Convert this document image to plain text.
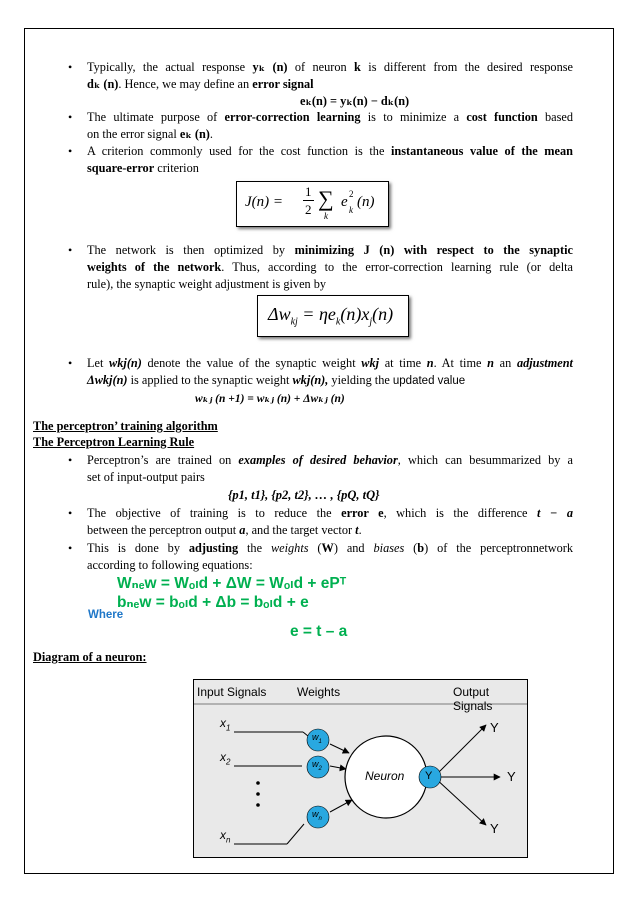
• Typically, the actual response yₖ (n) of neuron k is different from the desired response
dₖ (n). Hence, we may define an error signal
eₖ(n) = yₖ(n) − dₖ(n)
• The ultimate purpose of error-correction learning is to minimize a cost function based
on the error signal eₖ (n).
• A criterion commonly used for the cost function is the instantaneous value of the mean
square-error criterion
J(n) =
1
2 ∑
k
e 2
k (n)
• The network is then optimized by minimizing J (n) with respect to the synaptic
weights of the network. Thus, according to the error-correction learning rule (or delta
rule), the synaptic weight adjustment is given by
$\Delta w_{kj} = \eta e_k(n)x_j(n)$
• Let wkj(n) denote the value of the synaptic weight wkj at time n. At time n an adjustment
Δwkj(n) is applied to the synaptic weight wkj(n), yielding the updated value
wₖⱼ (n +1) = wₖⱼ (n) + Δwₖⱼ (n)
The perceptron’ training algorithm
The Perceptron Learning Rule
• Perceptron’s are trained on examples of desired behavior, which can besummarized by a
set of input-output pairs
{p1, t1}, {p2, t2}, … , {pQ, tQ}
• The objective of training is to reduce the error e, which is the difference t − a
between the perceptron output a, and the target vector t.
• This is done by adjusting the weights (W) and biases (b) of the perceptronnetwork
according to following equations:
Wₙₑw = Wₒₗd + ΔW = Wₒₗd + ePᵀ
bₙₑw = bₒₗd + Δb = bₒₗd + e
Where
e = t – a
Diagram of a neuron:
Input Signals	Weights	Output Signals
$x_1$
$x_2$
$x_n$
$w_1$
$w_2$
$w_n$
Neuron Y
Y
Y
Y
